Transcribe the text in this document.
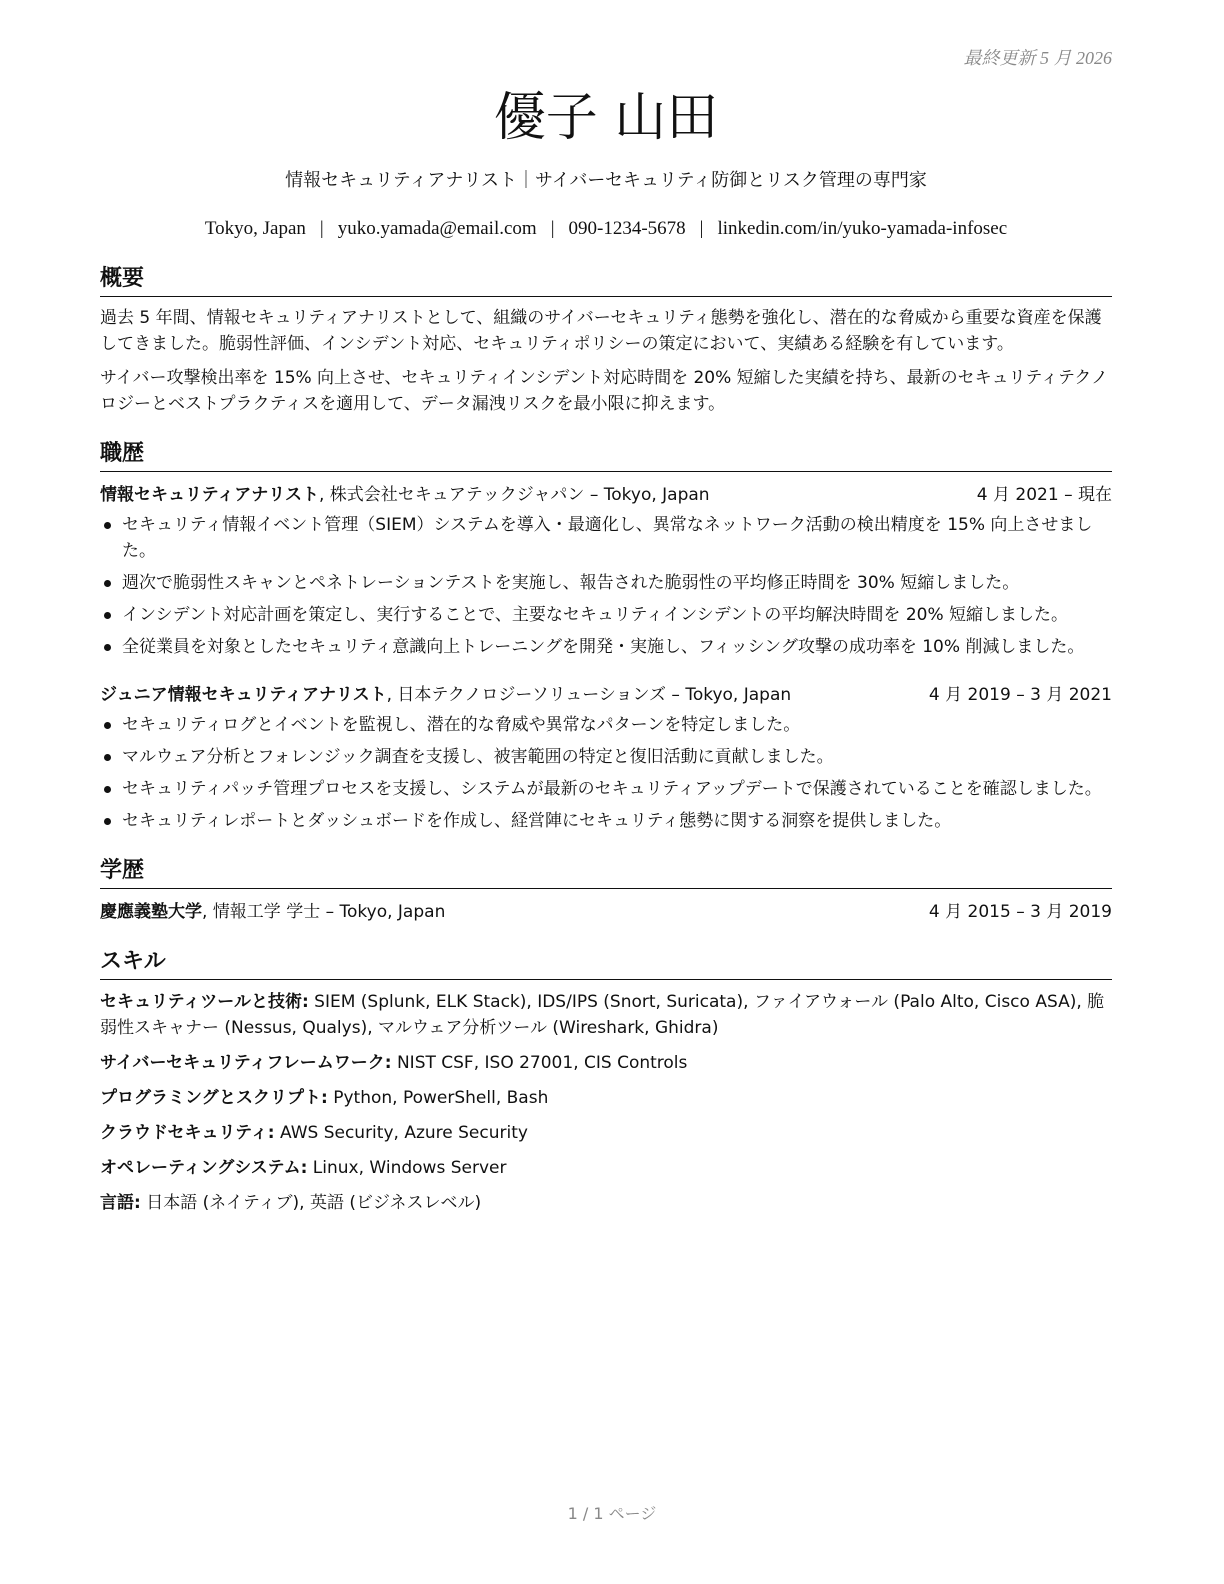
最終更新 5 月 2026
優子 山田
情報セキュリティアナリスト｜サイバーセキュリティ防御とリスク管理の専門家
Tokyo, Japan | yuko.yamada@email.com | 090-1234-5678 | linkedin.com/in/yuko-yamada-infosec
概要
過去 5 年間、情報セキュリティアナリストとして、組織のサイバーセキュリティ態勢を強化し、潜在的な脅威から重要な資産を保護してきました。脆弱性評価、インシデント対応、セキュリティポリシーの策定において、実績ある経験を有しています。
サイバー攻撃検出率を 15% 向上させ、セキュリティインシデント対応時間を 20% 短縮した実績を持ち、最新のセキュリティテクノロジーとベストプラクティスを適用して、データ漏洩リスクを最小限に抑えます。
職歴
情報セキュリティアナリスト, 株式会社セキュアテックジャパン – Tokyo, Japan	4 月 2021 – 現在
セキュリティ情報イベント管理（SIEM）システムを導入・最適化し、異常なネットワーク活動の検出精度を 15% 向上させました。
週次で脆弱性スキャンとペネトレーションテストを実施し、報告された脆弱性の平均修正時間を 30% 短縮しました。
インシデント対応計画を策定し、実行することで、主要なセキュリティインシデントの平均解決時間を 20% 短縮しました。
全従業員を対象としたセキュリティ意識向上トレーニングを開発・実施し、フィッシング攻撃の成功率を 10% 削減しました。
ジュニア情報セキュリティアナリスト, 日本テクノロジーソリューションズ – Tokyo, Japan	4 月 2019 – 3 月 2021
セキュリティログとイベントを監視し、潜在的な脅威や異常なパターンを特定しました。
マルウェア分析とフォレンジック調査を支援し、被害範囲の特定と復旧活動に貢献しました。
セキュリティパッチ管理プロセスを支援し、システムが最新のセキュリティアップデートで保護されていることを確認しました。
セキュリティレポートとダッシュボードを作成し、経営陣にセキュリティ態勢に関する洞察を提供しました。
学歴
慶應義塾大学, 情報工学 学士 – Tokyo, Japan	4 月 2015 – 3 月 2019
スキル
セキュリティツールと技術: SIEM (Splunk, ELK Stack), IDS/IPS (Snort, Suricata), ファイアウォール (Palo Alto, Cisco ASA), 脆弱性スキャナー (Nessus, Qualys), マルウェア分析ツール (Wireshark, Ghidra)
サイバーセキュリティフレームワーク: NIST CSF, ISO 27001, CIS Controls
プログラミングとスクリプト: Python, PowerShell, Bash
クラウドセキュリティ: AWS Security, Azure Security
オペレーティングシステム: Linux, Windows Server
言語: 日本語 (ネイティブ), 英語 (ビジネスレベル)
1 / 1 ページ
